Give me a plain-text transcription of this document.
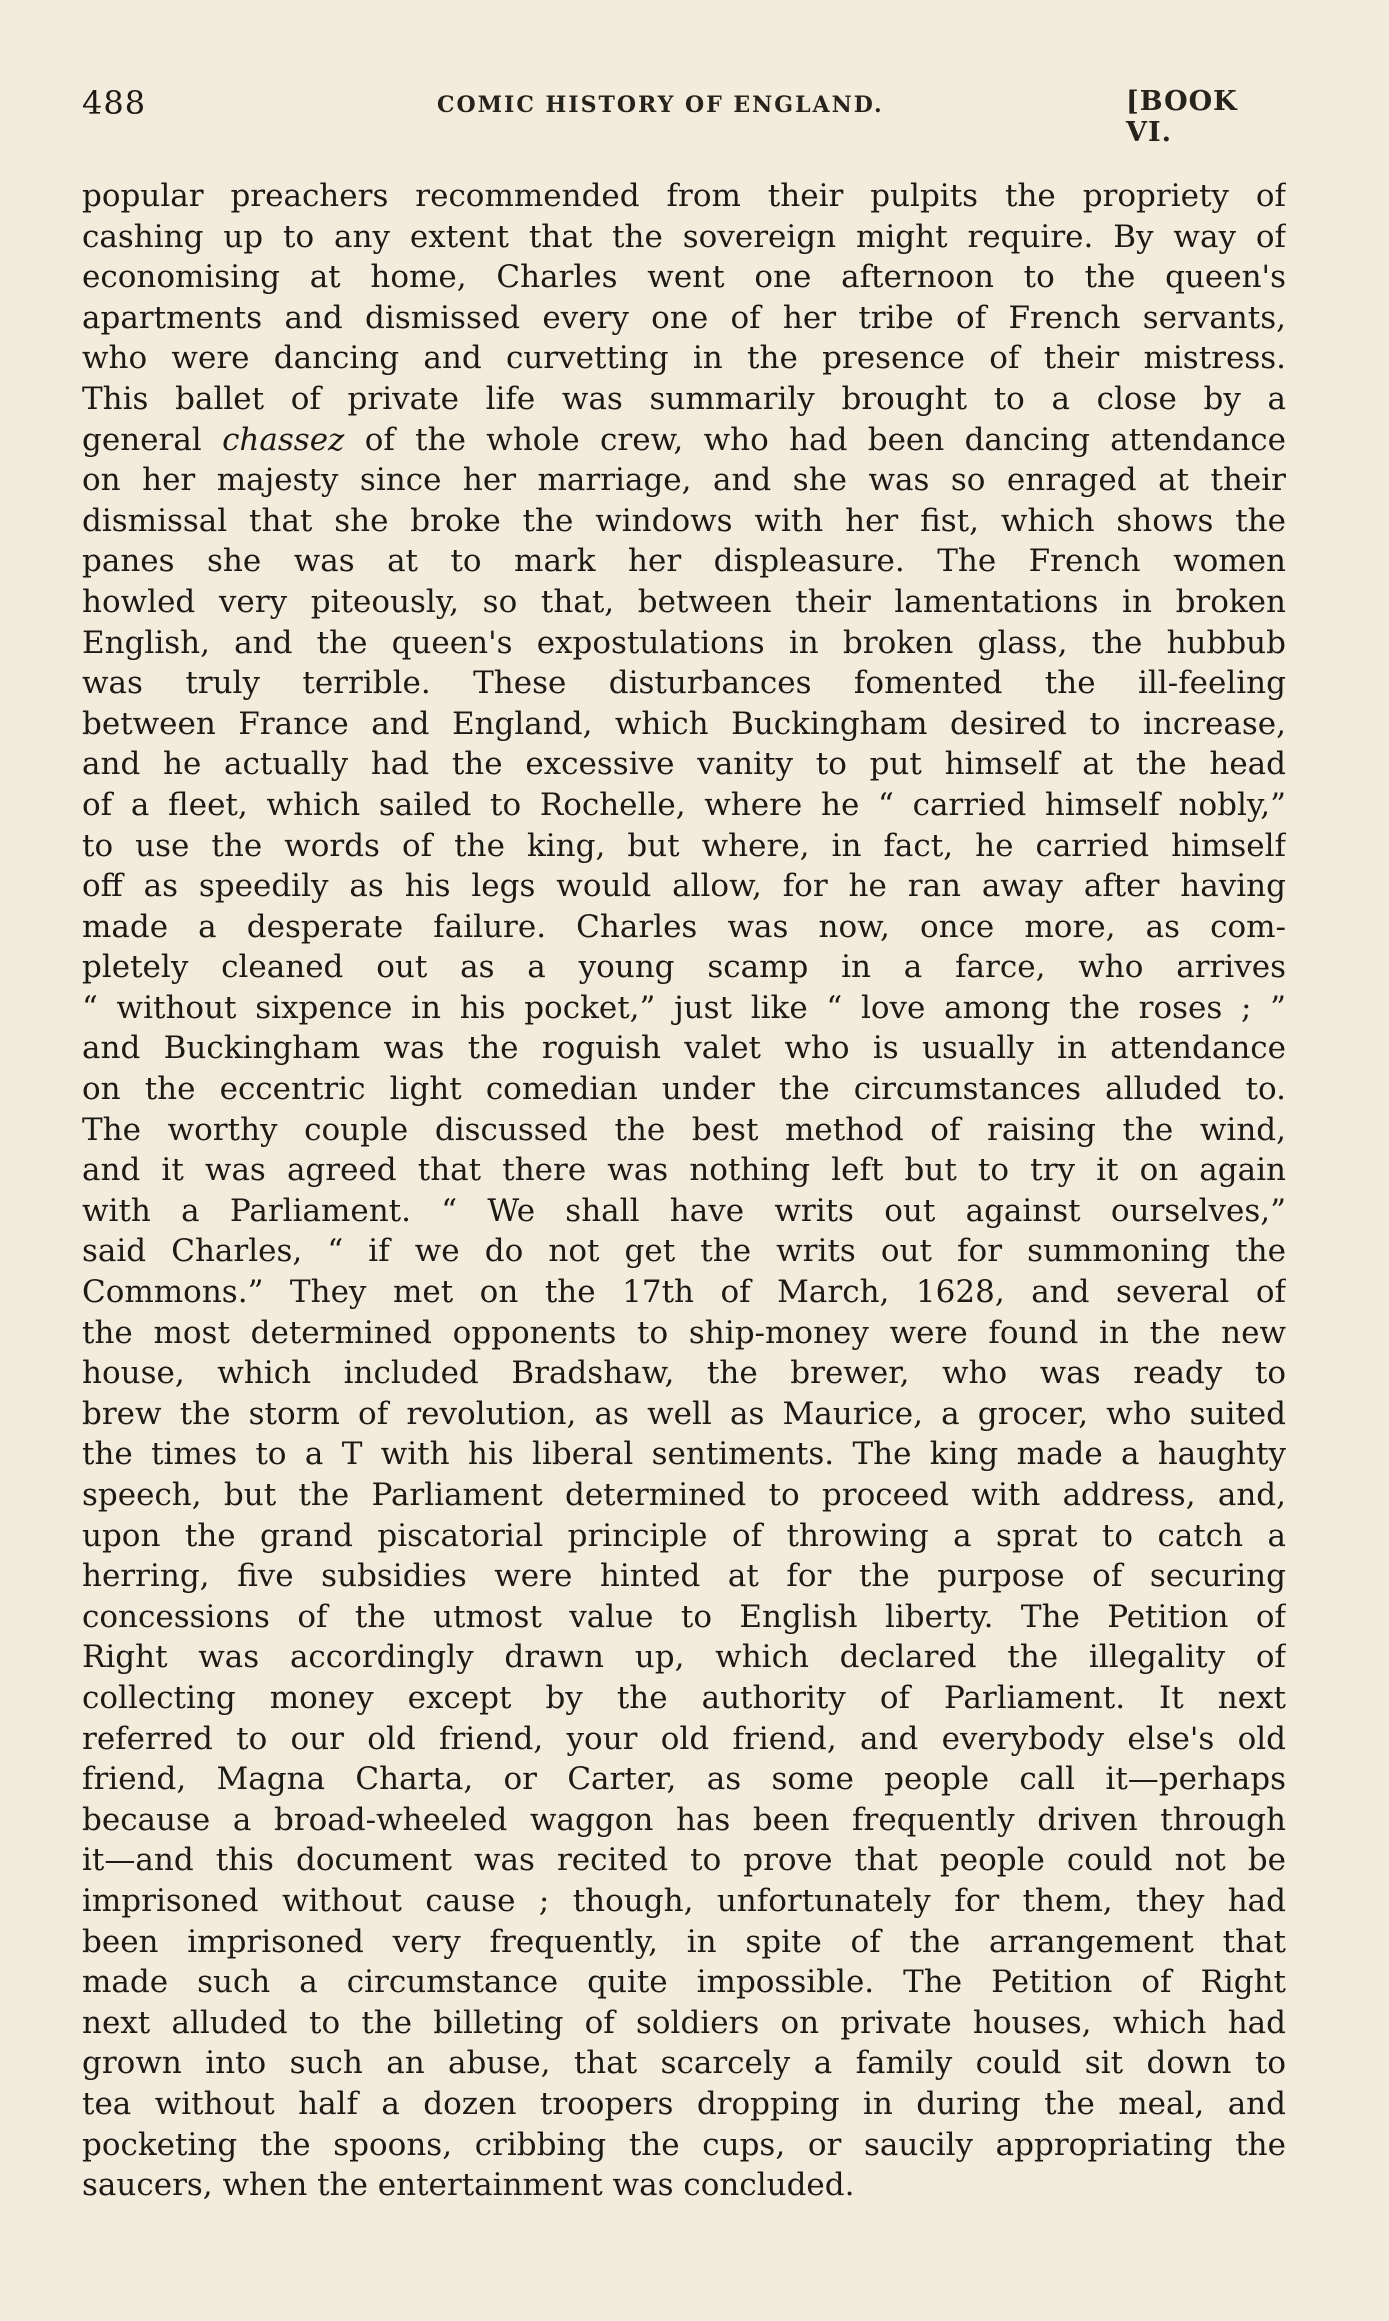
488	COMIC HISTORY OF ENGLAND.	[BOOK VI.
popular preachers recommended from their pulpits the propriety of
cashing up to any extent that the sovereign might require. By way of
economising at home, Charles went one afternoon to the queen's
apartments and dismissed every one of her tribe of French servants,
who were dancing and curvetting in the presence of their mistress.
This ballet of private life was summarily brought to a close by a
general chassez of the whole crew, who had been dancing attendance
on her majesty since her marriage, and she was so enraged at their
dismissal that she broke the windows with her fist, which shows the
panes she was at to mark her displeasure. The French women
howled very piteously, so that, between their lamentations in broken
English, and the queen's expostulations in broken glass, the hubbub
was truly terrible. These disturbances fomented the ill-feeling
between France and England, which Buckingham desired to increase,
and he actually had the excessive vanity to put himself at the head
of a fleet, which sailed to Rochelle, where he “ carried himself nobly,”
to use the words of the king, but where, in fact, he carried himself
off as speedily as his legs would allow, for he ran away after having
made a desperate failure. Charles was now, once more, as com-
pletely cleaned out as a young scamp in a farce, who arrives
“ without sixpence in his pocket,” just like “ love among the roses ; ”
and Buckingham was the roguish valet who is usually in attendance
on the eccentric light comedian under the circumstances alluded to.
The worthy couple discussed the best method of raising the wind,
and it was agreed that there was nothing left but to try it on again
with a Parliament. “ We shall have writs out against ourselves,”
said Charles, “ if we do not get the writs out for summoning the
Commons.” They met on the 17th of March, 1628, and several of
the most determined opponents to ship-money were found in the new
house, which included Bradshaw, the brewer, who was ready to
brew the storm of revolution, as well as Maurice, a grocer, who suited
the times to a T with his liberal sentiments. The king made a haughty
speech, but the Parliament determined to proceed with address, and,
upon the grand piscatorial principle of throwing a sprat to catch a
herring, five subsidies were hinted at for the purpose of securing
concessions of the utmost value to English liberty. The Petition of
Right was accordingly drawn up, which declared the illegality of
collecting money except by the authority of Parliament. It next
referred to our old friend, your old friend, and everybody else's old
friend, Magna Charta, or Carter, as some people call it—perhaps
because a broad-wheeled waggon has been frequently driven through
it—and this document was recited to prove that people could not be
imprisoned without cause ; though, unfortunately for them, they had
been imprisoned very frequently, in spite of the arrangement that
made such a circumstance quite impossible. The Petition of Right
next alluded to the billeting of soldiers on private houses, which had
grown into such an abuse, that scarcely a family could sit down to
tea without half a dozen troopers dropping in during the meal, and
pocketing the spoons, cribbing the cups, or saucily appropriating the
saucers, when the entertainment was concluded.
